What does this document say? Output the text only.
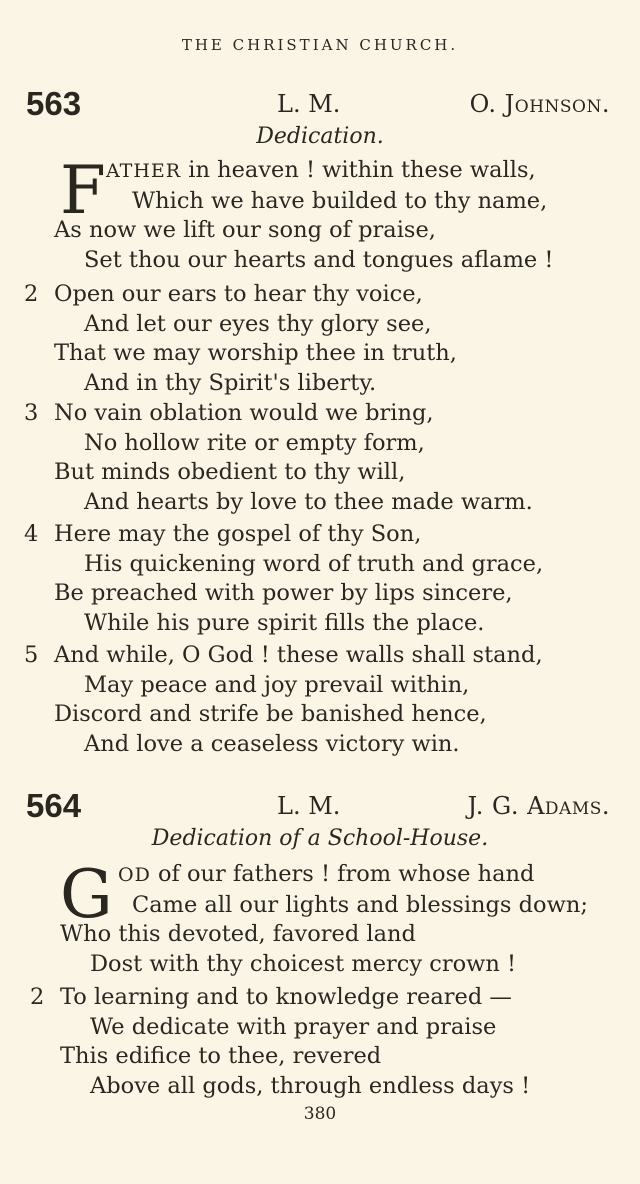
THE CHRISTIAN CHURCH.
563	L. M.	O. Johnson.
Dedication.
F ATHER in heaven ! within these walls,
Which we have builded to thy name,
As now we lift our song of praise,
Set thou our hearts and tongues aflame !
2 Open our ears to hear thy voice,
And let our eyes thy glory see,
That we may worship thee in truth,
And in thy Spirit's liberty.
3 No vain oblation would we bring,
No hollow rite or empty form,
But minds obedient to thy will,
And hearts by love to thee made warm.
4 Here may the gospel of thy Son,
His quickening word of truth and grace,
Be preached with power by lips sincere,
While his pure spirit fills the place.
5 And while, O God ! these walls shall stand,
May peace and joy prevail within,
Discord and strife be banished hence,
And love a ceaseless victory win.
564	L. M.	J. G. Adams.
Dedication of a School-House.
G OD of our fathers ! from whose hand
Came all our lights and blessings down;
Who this devoted, favored land
Dost with thy choicest mercy crown !
2 To learning and to knowledge reared —
We dedicate with prayer and praise
This edifice to thee, revered
Above all gods, through endless days !
380
